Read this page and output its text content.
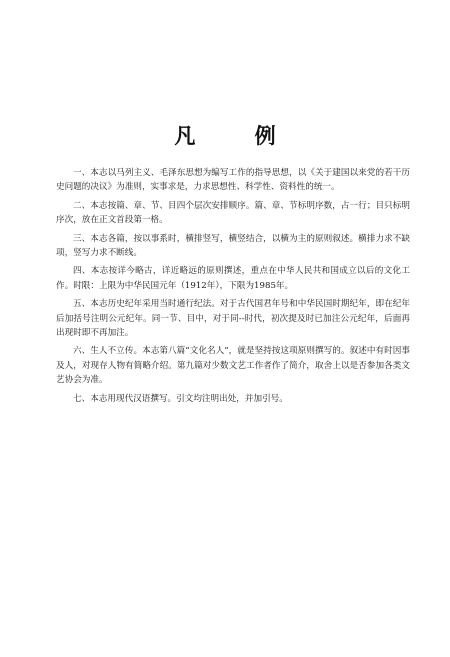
凡 例

一、本志以马列主义、毛泽东思想为编写工作的指导思想，以《关于建国以来党的若干历史问题的决议》为准则，实事求是，力求思想性、科学性、资料性的统一。

二、本志按篇、章、节、目四个层次安排顺序。篇、章、节标明序数，占一行；目只标明序次，放在正文首段第一格。

三、本志各篇，按以事系时，横排竖写，横竖结合，以横为主的原则叙述。横排力求不缺项，竖写力求不断线。

四、本志按详今略古，详近略远的原则撰述，重点在中华人民共和国成立以后的文化工作。时限：上限为中华民国元年（1912年），下限为1985年。

五、本志历史纪年采用当时通行纪法。对于古代国君年号和中华民国时期纪年，即在纪年后加括号注明公元纪年。同一节、目中，对于同--时代，初次提及时已加注公元纪年，后面再出现时即不再加注。

六、生人不立传。本志第八篇“文化名人”，就是坚持按这项原则撰写的。叙述中有时因事及人，对现存人物有简略介绍。第九篇对少数文艺工作者作了简介，取舍上以是否参加各类文艺协会为准。

七、本志用现代汉语撰写。引文均注明出处，并加引号。
